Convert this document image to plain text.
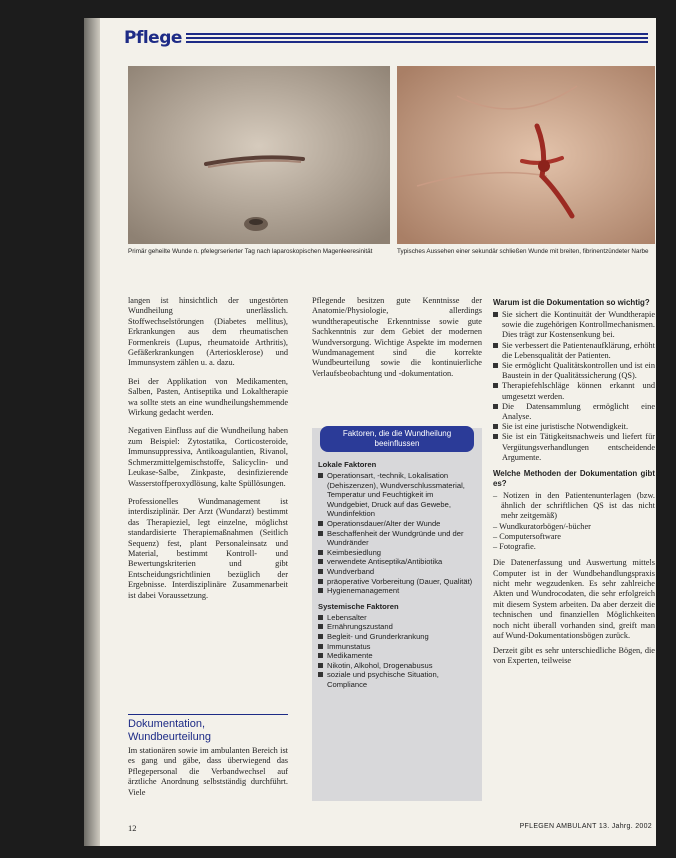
Pflege
Primär geheilte Wunde n. pfelegrserierter Tag nach laparoskopischen Magenleeresinität	Typisches Aussehen einer sekundär schließen Wunde mit breiten, fibrinentzündeter Narbe

langen ist hinsichtlich der ungestörten Wundheilung unerlässlich. Stoffwechselstörungen (Diabetes mellitus), Erkrankungen aus dem rheumatischen Formenkreis (Lupus, rheumatoide Arthritis), Gefäßerkrankungen (Arteriosklerose) und Immunsystem zählen u. a. dazu.

Bei der Applikation von Medikamenten, Salben, Pasten, Antiseptika und Lokaltherapie wa sollte stets an eine wundheilungshemmende Wirkung gedacht werden.

Negativen Einfluss auf die Wundheilung haben zum Beispiel: Zytostatika, Corticosteroide, Immunsuppressiva, Antikoagulantien, Rivanol, Schmerzmittelgemischstoffe, Salicyclin- und Leukase-Salbe, Zinkpaste, desinfizierende Wasserstoffperoxydlösung, kalte Spüllösungen.

Professionelles Wundmanagement ist interdisziplinär. Der Arzt (Wundarzt) bestimmt das Therapieziel, legt einzelne, möglichst standardisierte Therapiemaßnahmen (Seitlich Sequenz) fest, plant Personaleinsatz und Material, bestimmt Kontroll- und Bewertungskriterien und gibt Entscheidungsrichtlinien bezüglich der Ergebnisse. Interdisziplinäre Zusammenarbeit ist dabei Voraussetzung.

Dokumentation, Wundbeurteilung
Im stationären sowie im ambulanten Bereich ist es gang und gäbe, dass überwiegend das Pflegepersonal die Verbandwechsel auf ärztliche Anordnung selbstständig durchführt. Viele

Pflegende besitzen gute Kenntnisse der Anatomie/Physiologie, allerdings wundtherapeutische Erkenntnisse sowie gute Sachkenntnis zur dem Gebiet der modernen Wundversorgung. Wichtige Aspekte im modernen Wundmanagement sind die korrekte Wundbeurteilung sowie die kontinuierliche Verlaufsbeobachtung und -dokumentation.

Faktoren, die die Wundheilung beeinflussen
Lokale Faktoren
Operationsart, -technik, Lokalisation (Dehiszenzen), Wundverschlussmaterial, Temperatur und Feuchtigkeit im Wundgebiet, Druck auf das Gewebe, Wundinfektion
Operationsdauer/Alter der Wunde
Beschaffenheit der Wundgründe und der Wundränder
Keimbesiedlung
verwendete Antiseptika/Antibiotika
Wundverband
präoperative Vorbereitung (Dauer, Qualität)
Hygienemanagement
Systemische Faktoren
Lebensalter
Ernährungszustand
Begleit- und Grunderkrankung
Immunstatus
Medikamente
Nikotin, Alkohol, Drogenabusus
soziale und psychische Situation, Compliance
Warum ist die Dokumentation so wichtig?
Sie sichert die Kontinuität der Wundtherapie sowie die zugehörigen Kontrollmechanismen. Dies trägt zur Kostensenkung bei.
Sie verbessert die Patientenaufklärung, erhöht die Lebensqualität der Patienten.
Sie ermöglicht Qualitätskontrollen und ist ein Baustein in der Qualitätssicherung (QS).
Therapiefehlschläge können erkannt und umgesetzt werden.
Die Datensammlung ermöglicht eine Analyse.
Sie ist eine juristische Notwendigkeit.
Sie ist ein Tätigkeitsnachweis und liefert für Vergütungsverhandlungen entscheidende Argumente.
Welche Methoden der Dokumentation gibt es?
– Notizen in den Patientenunterlagen (bzw. ähnlich der schriftlichen QS ist das nicht mehr zeitgemäß)
– Wundkuratorbögen/-bücher
– Computersoftware
– Fotografie.

Die Datenerfassung und Auswertung mittels Computer ist in der Wundbehandlungspraxis nicht mehr wegzudenken. Es sehr zahlreiche Akten und Wundrocodaten, die sehr erfolgreich mit diesem System arbeiten. Da aber derzeit die technischen und finanziellen Möglichkeiten noch nicht überall vorhanden sind, greift man auf Wund-Dokumentationsbögen zurück.

Derzeit gibt es sehr unterschiedliche Bögen, die von Experten, teilweise

12	PFLEGEN AMBULANT 13. Jahrg. 2002
